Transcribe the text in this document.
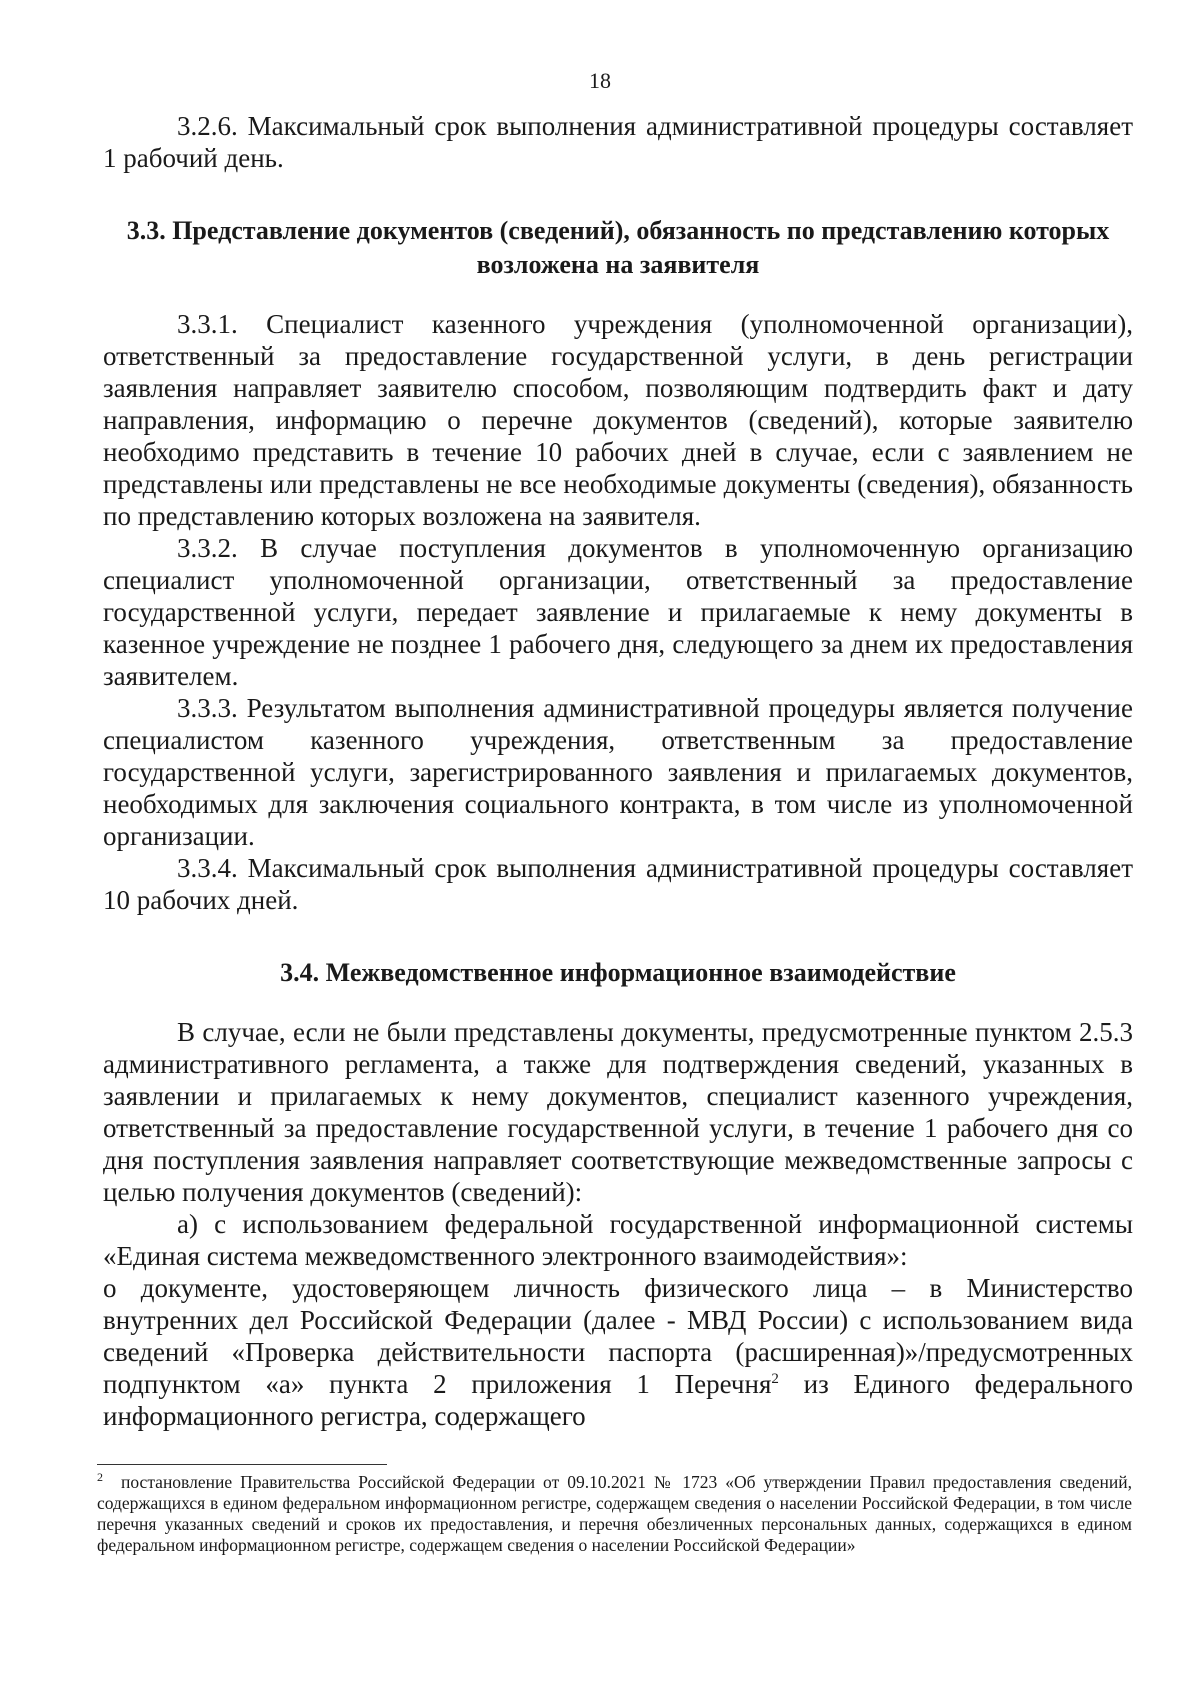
18

3.2.6. Максимальный срок выполнения административной процедуры составляет 1 рабочий день.

3.3. Представление документов (сведений), обязанность по представлению которых возложена на заявителя

3.3.1. Специалист казенного учреждения (уполномоченной организации), ответственный за предоставление государственной услуги, в день регистрации заявления направляет заявителю способом, позволяющим подтвердить факт и дату направления, информацию о перечне документов (сведений), которые заявителю необходимо представить в течение 10 рабочих дней в случае, если с заявлением не представлены или представлены не все необходимые документы (сведения), обязанность по представлению которых возложена на заявителя.

3.3.2. В случае поступления документов в уполномоченную организацию специалист уполномоченной организации, ответственный за предоставление государственной услуги, передает заявление и прилагаемые к нему документы в казенное учреждение не позднее 1 рабочего дня, следующего за днем их предоставления заявителем.

3.3.3. Результатом выполнения административной процедуры является получение специалистом казенного учреждения, ответственным за предоставление государственной услуги, зарегистрированного заявления и прилагаемых документов, необходимых для заключения социального контракта, в том числе из уполномоченной организации.

3.3.4. Максимальный срок выполнения административной процедуры составляет 10 рабочих дней.

3.4. Межведомственное информационное взаимодействие

В случае, если не были представлены документы, предусмотренные пунктом 2.5.3 административного регламента, а также для подтверждения сведений, указанных в заявлении и прилагаемых к нему документов, специалист казенного учреждения, ответственный за предоставление государственной услуги, в течение 1 рабочего дня со дня поступления заявления направляет соответствующие межведомственные запросы с целью получения документов (сведений):

а) с использованием федеральной государственной информационной системы «Единая система межведомственного электронного взаимодействия»:

о документе, удостоверяющем личность физического лица – в Министерство внутренних дел Российской Федерации (далее - МВД России) с использованием вида сведений «Проверка действительности паспорта (расширенная)»/предусмотренных подпунктом «а» пункта 2 приложения 1 Перечня$^2$ из Единого федерального информационного регистра, содержащего

$^2$ постановление Правительства Российской Федерации от 09.10.2021 № 1723 «Об утверждении Правил предоставления сведений, содержащихся в едином федеральном информационном регистре, содержащем сведения о населении Российской Федерации, в том числе перечня указанных сведений и сроков их предоставления, и перечня обезличенных персональных данных, содержащихся в едином федеральном информационном регистре, содержащем сведения о населении Российской Федерации»
